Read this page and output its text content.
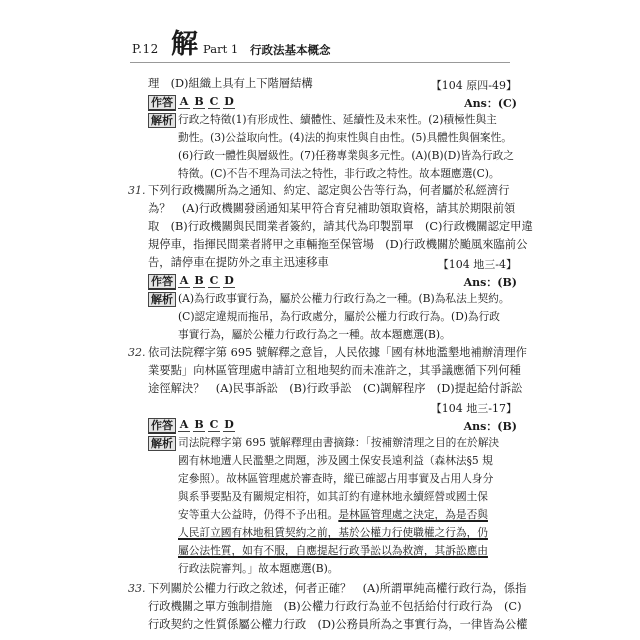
P.12 解 Part 1 行政法基本概念
理　(D)組織上具有上下階層結構	【104 原四-49】
作答 A B C D	Ans：(C)
解析 行政之特徵(1)有形成性、續體性、延續性及未來性。(2)積極性與主
動性。(3)公益取向性。(4)法的拘束性與自由性。(5)具體性與個案性。
(6)行政一體性與層級性。(7)任務專業與多元性。(A)(B)(D)皆為行政之
特徵。(C)不告不理為司法之特性，非行政之特性。故本題應選(C)。
31. 下列行政機關所為之通知、約定、認定與公告等行為，何者屬於私經濟行
為？　(A)行政機關發函通知某甲符合育兒補助領取資格，請其於期限前領
取　(B)行政機關與民間業者簽約，請其代為印製罰單　(C)行政機關認定甲違
規停車，指揮民間業者將甲之車輛拖至保管場　(D)行政機關於颱風來臨前公
告，請停車在提防外之車主迅速移車	【104 地三-4】
作答 A B C D	Ans：(B)
解析 (A)為行政事實行為，屬於公權力行政行為之一種。(B)為私法上契約。
(C)認定違規而拖吊，為行政處分，屬於公權力行政行為。(D)為行政
事實行為，屬於公權力行政行為之一種。故本題應選(B)。
32. 依司法院釋字第 695 號解釋之意旨，人民依據「國有林地濫墾地補辦清理作
業要點」向林區管理處申請訂立租地契約而未准許之，其爭議應循下列何種
途徑解決？　(A)民事訴訟　(B)行政爭訟　(C)調解程序　(D)提起給付訴訟
【104 地三-17】
作答 A B C D	Ans：(B)
解析 司法院釋字第 695 號解釋理由書摘錄：「按補辦清理之目的在於解決
國有林地遭人民濫墾之問題，涉及國土保安長遠利益（森林法§5 規
定參照）。故林區管理處於審查時，縱已確認占用事實及占用人身分
與系爭要點及有關規定相符，如其訂約有違林地永續經營或國土保
安等重大公益時，仍得不予出租。是林區管理處之決定，為是否與
人民訂立國有林地租賃契約之前，基於公權力行使職權之行為，仍
屬公法性質，如有不服，自應提起行政爭訟以為救濟，其訴訟應由
行政法院審判。」故本題應選(B)。
33. 下列關於公權力行政之敘述，何者正確？　(A)所謂單純高權行政行為，係指
行政機關之單方強制措施　(B)公權力行政行為並不包括給付行政行為　(C)
行政契約之性質係屬公權力行政　(D)公務員所為之事實行為，一律皆為公權
